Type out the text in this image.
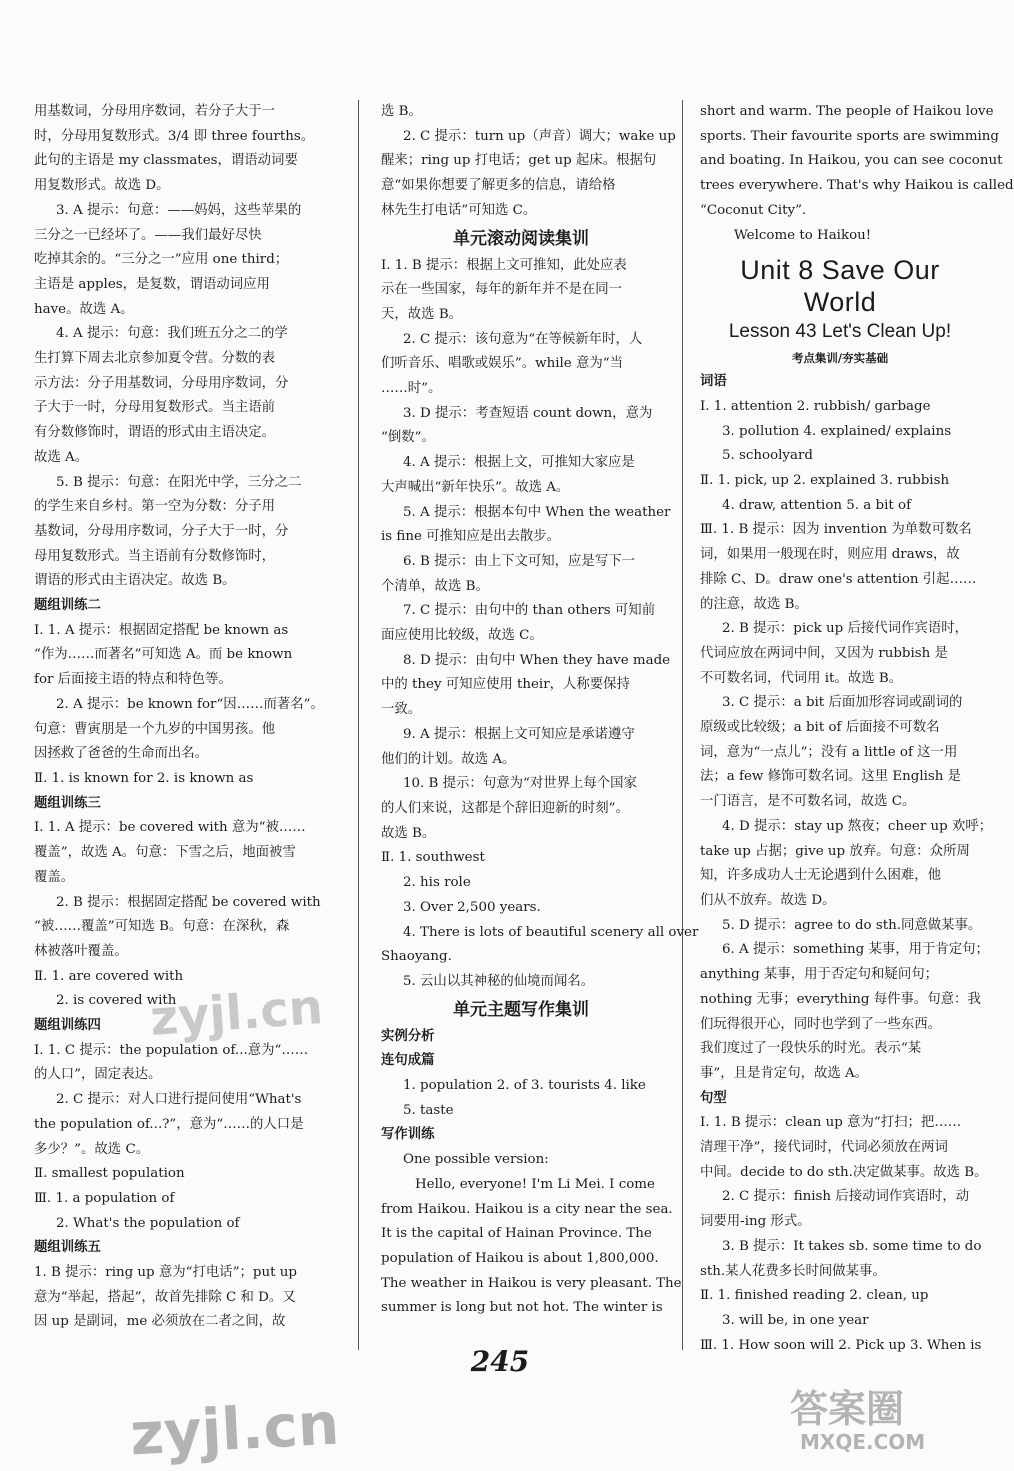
用基数词，分母用序数词，若分子大于一
时，分母用复数形式。3/4 即 three fourths。
此句的主语是 my classmates，谓语动词要
用复数形式。故选 D。
3. A 提示：句意：——妈妈，这些苹果的
三分之一已经坏了。——我们最好尽快
吃掉其余的。“三分之一”应用 one third；
主语是 apples，是复数，谓语动词应用
have。故选 A。
4. A 提示：句意：我们班五分之二的学
生打算下周去北京参加夏令营。分数的表
示方法：分子用基数词，分母用序数词，分
子大于一时，分母用复数形式。当主语前
有分数修饰时，谓语的形式由主语决定。
故选 A。
5. B 提示：句意：在阳光中学，三分之二
的学生来自乡村。第一空为分数：分子用
基数词，分母用序数词，分子大于一时，分
母用复数形式。当主语前有分数修饰时，
谓语的形式由主语决定。故选 B。
题组训练二
Ⅰ. 1. A 提示：根据固定搭配 be known as
“作为……而著名”可知选 A。而 be known
for 后面接主语的特点和特色等。
2. A 提示：be known for“因……而著名”。
句意：曹寅朋是一个九岁的中国男孩。他
因拯救了爸爸的生命而出名。
Ⅱ. 1. is known for 2. is known as
题组训练三
Ⅰ. 1. A 提示：be covered with 意为“被……
覆盖”，故选 A。句意：下雪之后，地面被雪
覆盖。
2. B 提示：根据固定搭配 be covered with
“被……覆盖”可知选 B。句意：在深秋，森
林被落叶覆盖。
Ⅱ. 1. are covered with
2. is covered with
题组训练四
Ⅰ. 1. C 提示：the population of...意为“……
的人口”，固定表达。
2. C 提示：对人口进行提问使用“What's
the population of...?”，意为“……的人口是
多少？”。故选 C。
Ⅱ. smallest population
Ⅲ. 1. a population of
2. What's the population of
题组训练五
1. B 提示：ring up 意为“打电话”；put up
意为“举起，搭起”，故首先排除 C 和 D。又
因 up 是副词，me 必须放在二者之间，故
选 B。
2. C 提示：turn up（声音）调大；wake up
醒来；ring up 打电话；get up 起床。根据句
意“如果你想要了解更多的信息，请给格
林先生打电话”可知选 C。
单元滚动阅读集训
Ⅰ. 1. B 提示：根据上文可推知，此处应表
示在一些国家，每年的新年并不是在同一
天，故选 B。
2. C 提示：该句意为“在等候新年时，人
们听音乐、唱歌或娱乐”。while 意为“当
……时”。
3. D 提示：考查短语 count down，意为
“倒数”。
4. A 提示：根据上文，可推知大家应是
大声喊出“新年快乐”。故选 A。
5. A 提示：根据本句中 When the weather
is fine 可推知应是出去散步。
6. B 提示：由上下文可知，应是写下一
个清单，故选 B。
7. C 提示：由句中的 than others 可知前
面应使用比较级，故选 C。
8. D 提示：由句中 When they have made
中的 they 可知应使用 their，人称要保持
一致。
9. A 提示：根据上文可知应是承诺遵守
他们的计划。故选 A。
10. B 提示：句意为“对世界上每个国家
的人们来说，这都是个辞旧迎新的时刻”。
故选 B。
Ⅱ. 1. southwest
2. his role
3. Over 2,500 years.
4. There is lots of beautiful scenery all over
Shaoyang.
5. 云山以其神秘的仙境而闻名。
单元主题写作集训
实例分析
连句成篇
1. population 2. of 3. tourists 4. like
5. taste
写作训练
One possible version:
Hello, everyone! I'm Li Mei. I come
from Haikou. Haikou is a city near the sea.
It is the capital of Hainan Province. The
population of Haikou is about 1,800,000.
The weather in Haikou is very pleasant. The
summer is long but not hot. The winter is
short and warm. The people of Haikou love
sports. Their favourite sports are swimming
and boating. In Haikou, you can see coconut
trees everywhere. That's why Haikou is called
“Coconut City”.
Welcome to Haikou!
Unit 8 Save Our World
Lesson 43 Let's Clean Up!
考点集训/夯实基础
词语
Ⅰ. 1. attention 2. rubbish/ garbage
3. pollution 4. explained/ explains
5. schoolyard
Ⅱ. 1. pick, up 2. explained 3. rubbish
4. draw, attention 5. a bit of
Ⅲ. 1. B 提示：因为 invention 为单数可数名
词，如果用一般现在时，则应用 draws，故
排除 C、D。draw one's attention 引起……
的注意，故选 B。
2. B 提示：pick up 后接代词作宾语时，
代词应放在两词中间，又因为 rubbish 是
不可数名词，代词用 it。故选 B。
3. C 提示：a bit 后面加形容词或副词的
原级或比较级；a bit of 后面接不可数名
词，意为“一点儿”；没有 a little of 这一用
法；a few 修饰可数名词。这里 English 是
一门语言，是不可数名词，故选 C。
4. D 提示：stay up 熬夜；cheer up 欢呼；
take up 占据；give up 放弃。句意：众所周
知，许多成功人士无论遇到什么困难，他
们从不放弃。故选 D。
5. D 提示：agree to do sth.同意做某事。
6. A 提示：something 某事，用于肯定句；
anything 某事，用于否定句和疑问句；
nothing 无事；everything 每件事。句意：我
们玩得很开心，同时也学到了一些东西。
我们度过了一段快乐的时光。表示“某
事”，且是肯定句，故选 A。
句型
Ⅰ. 1. B 提示：clean up 意为“打扫；把……
清理干净”，接代词时，代词必须放在两词
中间。decide to do sth.决定做某事。故选 B。
2. C 提示：finish 后接动词作宾语时，动
词要用-ing 形式。
3. B 提示：It takes sb. some time to do
sth.某人花费多长时间做某事。
Ⅱ. 1. finished reading 2. clean, up
3. will be, in one year
Ⅲ. 1. How soon will 2. Pick up 3. When is
245
zyjl.cn
zyjl.cn	答案圈
MXQE.COM
